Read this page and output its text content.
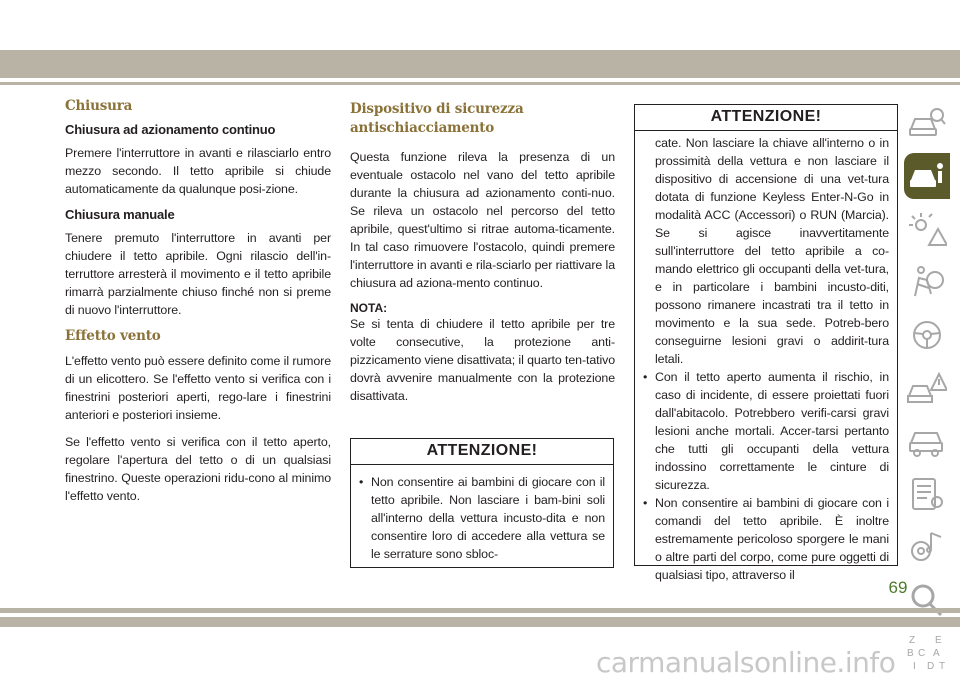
Chiusura
Chiusura ad azionamento continuo

Premere l'interruttore in avanti e rilasciarlo entro mezzo secondo. Il tetto apribile si chiude automaticamente da qualunque posi-zione.

Chiusura manuale

Tenere premuto l'interruttore in avanti per chiudere il tetto apribile. Ogni rilascio dell'in-terruttore arresterà il movimento e il tetto apribile rimarrà parzialmente chiuso finché non si preme di nuovo l'interruttore.

Effetto vento

L'effetto vento può essere definito come il rumore di un elicottero. Se l'effetto vento si verifica con i finestrini posteriori aperti, rego-lare i finestrini anteriori e posteriori insieme.

Se l'effetto vento si verifica con il tetto aperto, regolare l'apertura del tetto o di un qualsiasi finestrino. Queste operazioni ridu-cono al minimo l'effetto vento.

Dispositivo di sicurezza antischiacciamento

Questa funzione rileva la presenza di un eventuale ostacolo nel vano del tetto apribile durante la chiusura ad azionamento conti-nuo. Se rileva un ostacolo nel percorso del tetto apribile, quest'ultimo si ritrae automa-ticamente. In tal caso rimuovere l'ostacolo, quindi premere l'interruttore in avanti e rila-sciarlo per riattivare la chiusura ad aziona-mento continuo.

NOTA:

Se si tenta di chiudere il tetto apribile per tre volte consecutive, la protezione anti-pizzicamento viene disattivata; il quarto ten-tativo dovrà avvenire manualmente con la protezione disattivata.

ATTENZIONE!
• Non consentire ai bambini di giocare con il tetto apribile. Non lasciare i bam-bini soli all'interno della vettura incusto-dita e non consentire loro di accedere alla vettura se le serrature sono sbloc-
ATTENZIONE!
cate. Non lasciare la chiave all'interno o in prossimità della vettura e non lasciare il dispositivo di accensione di una vet-tura dotata di funzione Keyless Enter-N-Go in modalità ACC (Accessori) o RUN (Marcia). Se si agisce inavvertitamente sull'interruttore del tetto apribile a co-mando elettrico gli occupanti della vet-tura, e in particolare i bambini incusto-diti, possono rimanere incastrati tra il tetto in movimento e la sua sede. Potreb-bero conseguirne lesioni gravi o addirit-tura letali.
• Con il tetto aperto aumenta il rischio, in caso di incidente, di essere proiettati fuori dall'abitacolo. Potrebbero verifi-carsi gravi lesioni anche mortali. Accer-tarsi pertanto che tutti gli occupanti della vettura indossino correttamente le cinture di sicurezza.
• Non consentire ai bambini di giocare con i comandi del tetto apribile. È inoltre estremamente pericoloso sporgere le mani o altre parti del corpo, come pure oggetti di qualsiasi tipo, attraverso il
Z E
B C A
I D T
69
carmanualsonline.info
